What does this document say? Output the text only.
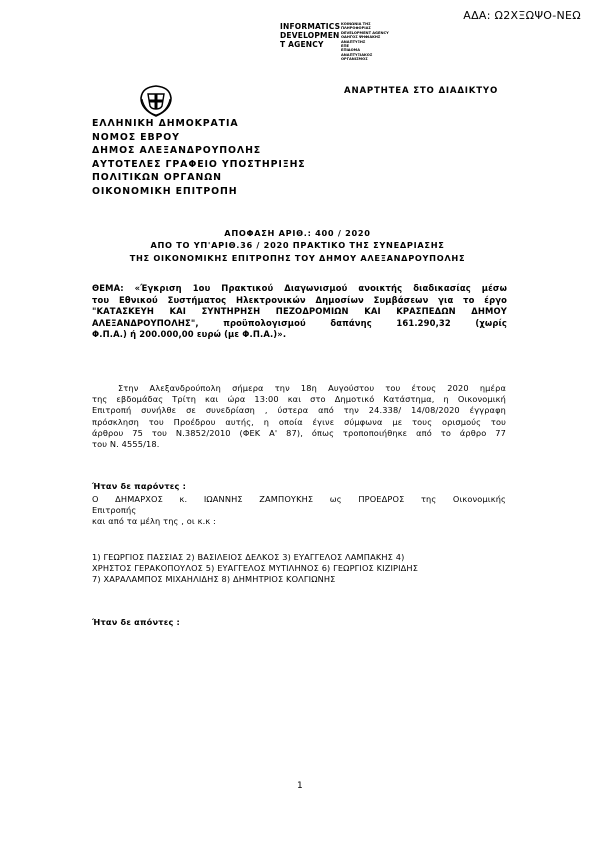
ΑΔΑ: Ω2ΧΞΩΨΟ-ΝΕΩ
INFORMATICS
DEVELOPMEN
T AGENCY
ΚΟΙΝΩΝΙΑ ΤΗΣ ΠΛΗΡΟΦΟΡΙΑΣ
DEVELOPMENT AGENCY
ΟΔΗΓΟΣ ΨΗΦΙΑΚΗΣ ΑΝΑΠΤΥΞΗΣ
ΕΠΕ
ΕΠΙΔΟΜΑ
ΑΝΑΠΤΥΞΙΑΚΟΣ ΟΡΓΑΝΙΣΜΟΣ
ΑΝΑΡΤΗΤΕΑ ΣΤΟ ΔΙΑΔΙΚΤΥΟ
ΕΛΛΗΝΙΚΗ ΔΗΜΟΚΡΑΤΙΑ
ΝΟΜΟΣ ΕΒΡΟΥ
ΔΗΜΟΣ ΑΛΕΞΑΝΔΡΟΥΠΟΛΗΣ
ΑΥΤΟΤΕΛΕΣ ΓΡΑΦΕΙΟ ΥΠΟΣΤΗΡΙΞΗΣ
ΠΟΛΙΤΙΚΩΝ ΟΡΓΑΝΩΝ
ΟΙΚΟΝΟΜΙΚΗ ΕΠΙΤΡΟΠΗ
ΑΠΟΦΑΣΗ ΑΡΙΘ.: 400 / 2020
ΑΠΟ ΤΟ ΥΠ'ΑΡΙΘ.36 / 2020 ΠΡΑΚΤΙΚΟ ΤΗΣ ΣΥΝΕΔΡΙΑΣΗΣ
ΤΗΣ ΟΙΚΟΝΟΜΙΚΗΣ ΕΠΙΤΡΟΠΗΣ ΤΟΥ ΔΗΜΟΥ ΑΛΕΞΑΝΔΡΟΥΠΟΛΗΣ
ΘΕΜΑ: «Έγκριση 1ου Πρακτικού Διαγωνισμού ανοικτής διαδικασίας μέσω
του Εθνικού Συστήματος Ηλεκτρονικών Δημοσίων Συμβάσεων για το έργο
"ΚΑΤΑΣΚΕΥΗ ΚΑΙ ΣΥΝΤΗΡΗΣΗ ΠΕΖΟΔΡΟΜΙΩΝ ΚΑΙ ΚΡΑΣΠΕΔΩΝ ΔΗΜΟΥ
ΑΛΕΞΑΝΔΡΟΥΠΟΛΗΣ", προϋπολογισμού δαπάνης 161.290,32 (χωρίς
Φ.Π.Α.) ή 200.000,00 ευρώ (με Φ.Π.Α.)».
Στην Αλεξανδρούπολη σήμερα την 18η Αυγούστου του έτους 2020 ημέρα
της εβδομάδας Τρίτη και ώρα 13:00 και στο Δημοτικό Κατάστημα, η Οικονομική
Επιτροπή συνήλθε σε συνεδρίαση , ύστερα από την 24.338/ 14/08/2020 έγγραφη
πρόσκληση του Προέδρου αυτής, η οποία έγινε σύμφωνα με τους ορισμούς του
άρθρου 75 του Ν.3852/2010 (ΦΕΚ Α' 87), όπως τροποποιήθηκε από το άρθρο 77
του Ν. 4555/18.
Ήταν δε παρόντες :
Ο ΔΗΜΑΡΧΟΣ κ. ΙΩΑΝΝΗΣ ΖΑΜΠΟΥΚΗΣ ως ΠΡΟΕΔΡΟΣ της Οικονομικής
Επιτροπής
και από τα μέλη της , οι κ.κ :
1) ΓΕΩΡΓΙΟΣ ΠΑΣΣΙΑΣ 2) ΒΑΣΙΛΕΙΟΣ ΔΕΛΚΟΣ 3) ΕΥΑΓΓΕΛΟΣ ΛΑΜΠΑΚΗΣ 4)
ΧΡΗΣΤΟΣ ΓΕΡΑΚΟΠΟΥΛΟΣ 5) ΕΥΑΓΓΕΛΟΣ ΜΥΤΙΛΗΝΟΣ 6) ΓΕΩΡΓΙΟΣ ΚΙΖΙΡΙΔΗΣ
7) ΧΑΡΑΛΑΜΠΟΣ ΜΙΧΑΗΛΙΔΗΣ 8) ΔΗΜΗΤΡΙΟΣ ΚΟΛΓΙΩΝΗΣ
Ήταν δε απόντες :
1
